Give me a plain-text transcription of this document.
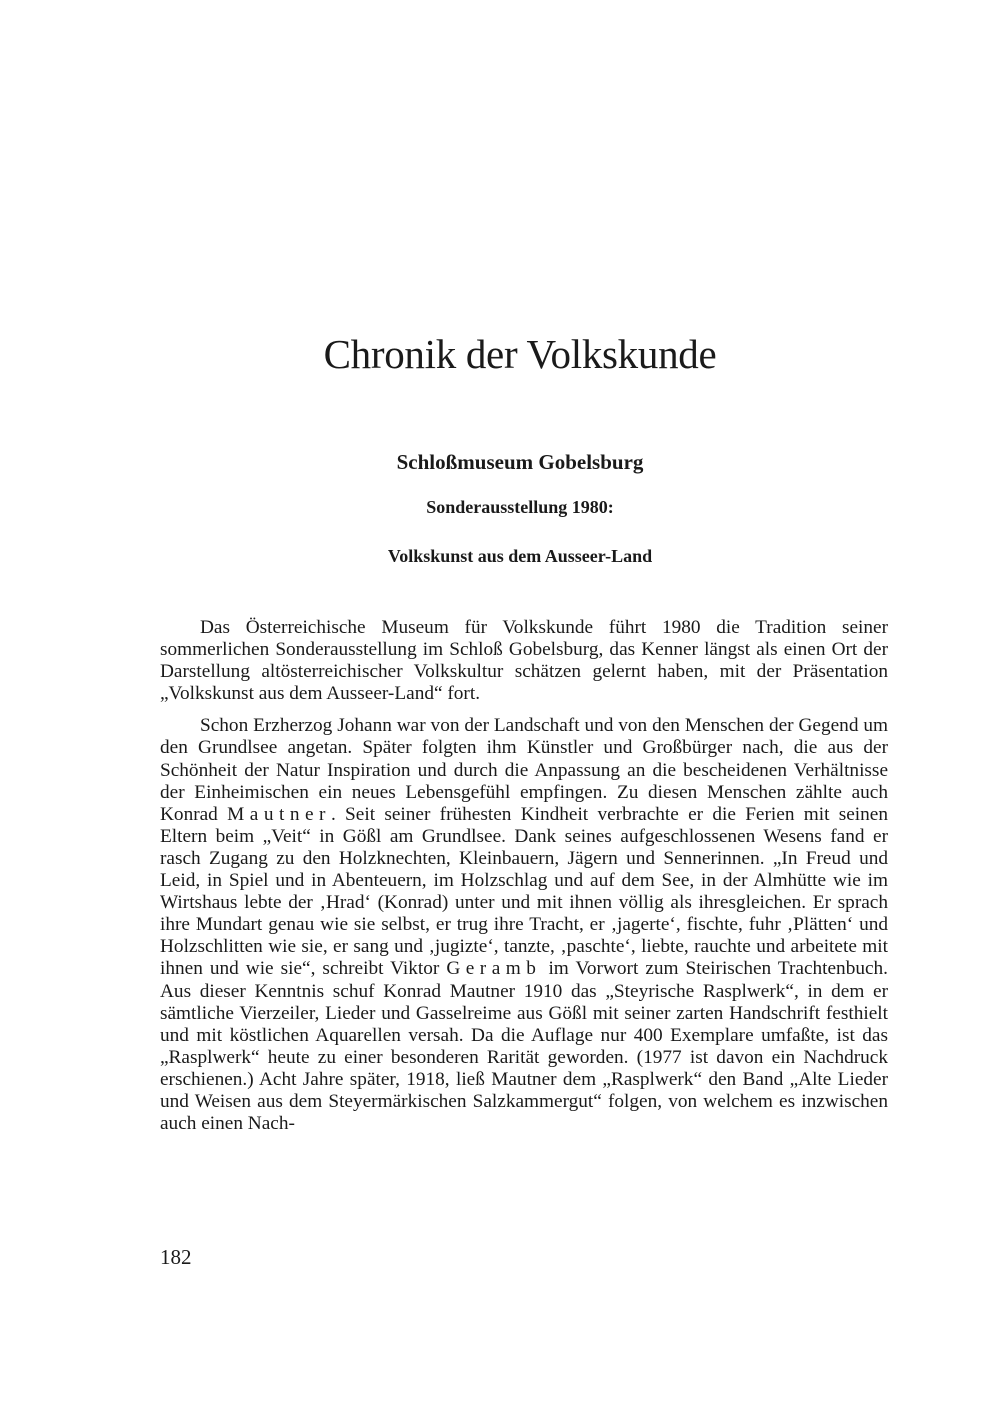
Chronik der Volkskunde
Schloßmuseum Gobelsburg
Sonderausstellung 1980:
Volkskunst aus dem Ausseer-Land

Das Österreichische Museum für Volkskunde führt 1980 die Tradition seiner sommerlichen Sonderausstellung im Schloß Gobelsburg, das Kenner längst als einen Ort der Darstellung altösterreichischer Volkskultur schätzen gelernt haben, mit der Präsentation „Volkskunst aus dem Ausseer-Land“ fort.

Schon Erzherzog Johann war von der Landschaft und von den Menschen der Gegend um den Grundlsee angetan. Später folgten ihm Künstler und Großbürger nach, die aus der Schönheit der Natur Inspiration und durch die Anpassung an die bescheidenen Verhältnisse der Einheimischen ein neues Lebensgefühl empfingen. Zu diesen Menschen zählte auch Konrad Mautner. Seit seiner frühesten Kindheit verbrachte er die Ferien mit seinen Eltern beim „Veit“ in Gößl am Grundlsee. Dank seines aufgeschlossenen Wesens fand er rasch Zugang zu den Holzknechten, Kleinbauern, Jägern und Sennerinnen. „In Freud und Leid, in Spiel und in Abenteuern, im Holzschlag und auf dem See, in der Almhütte wie im Wirtshaus lebte der ‚Hrad‘ (Konrad) unter und mit ihnen völlig als ihresgleichen. Er sprach ihre Mundart genau wie sie selbst, er trug ihre Tracht, er ‚jagerte‘, fischte, fuhr ‚Plätten‘ und Holzschlitten wie sie, er sang und ‚jugizte‘, tanzte, ‚paschte‘, liebte, rauchte und arbeitete mit ihnen und wie sie“, schreibt Viktor Geramb im Vorwort zum Steirischen Trachtenbuch. Aus dieser Kenntnis schuf Konrad Mautner 1910 das „Steyrische Rasplwerk“, in dem er sämtliche Vierzeiler, Lieder und Gasselreime aus Gößl mit seiner zarten Handschrift festhielt und mit köstlichen Aquarellen versah. Da die Auflage nur 400 Exemplare umfaßte, ist das „Rasplwerk“ heute zu einer besonderen Rarität geworden. (1977 ist davon ein Nachdruck erschienen.) Acht Jahre später, 1918, ließ Mautner dem „Rasplwerk“ den Band „Alte Lieder und Weisen aus dem Steyermärkischen Salzkammergut“ folgen, von welchem es inzwischen auch einen Nach-

182
